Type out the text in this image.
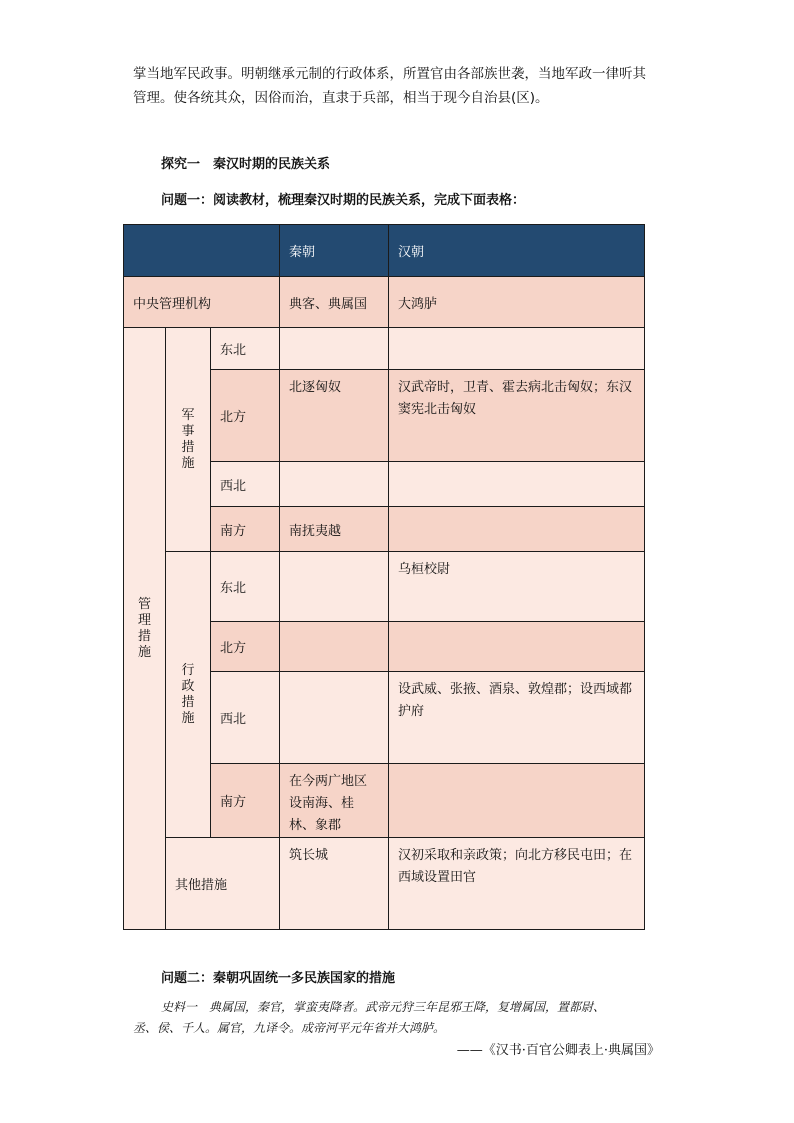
掌当地军民政事。明朝继承元制的行政体系，所置官由各部族世袭，当地军政一律听其
管理。使各统其众，因俗而治，直隶于兵部，相当于现今自治县(区)。
探究一　秦汉时期的民族关系
问题一：阅读教材，梳理秦汉时期的民族关系，完成下面表格：
			秦朝	汉朝
中央管理机构			典客、典属国	大鸿胪
管理措施	军事措施	东北		
		北方	北逐匈奴	汉武帝时，卫青、霍去病北击匈奴；东汉窦宪北击匈奴
		西北		
		南方	南抚夷越	
	行政措施	东北		乌桓校尉
		北方		
		西北		设武威、张掖、酒泉、敦煌郡；设西域都护府
		南方	在今两广地区设南海、桂林、象郡	
	其他措施		筑长城	汉初采取和亲政策；向北方移民屯田；在西域设置田官
问题二：秦朝巩固统一多民族国家的措施
史料一　典属国，秦官，掌蛮夷降者。武帝元狩三年昆邪王降，复增属国，置都尉、
丞、侯、千人。属官，九译令。成帝河平元年省并大鸿胪。
——《汉书·百官公卿表上·典属国》
